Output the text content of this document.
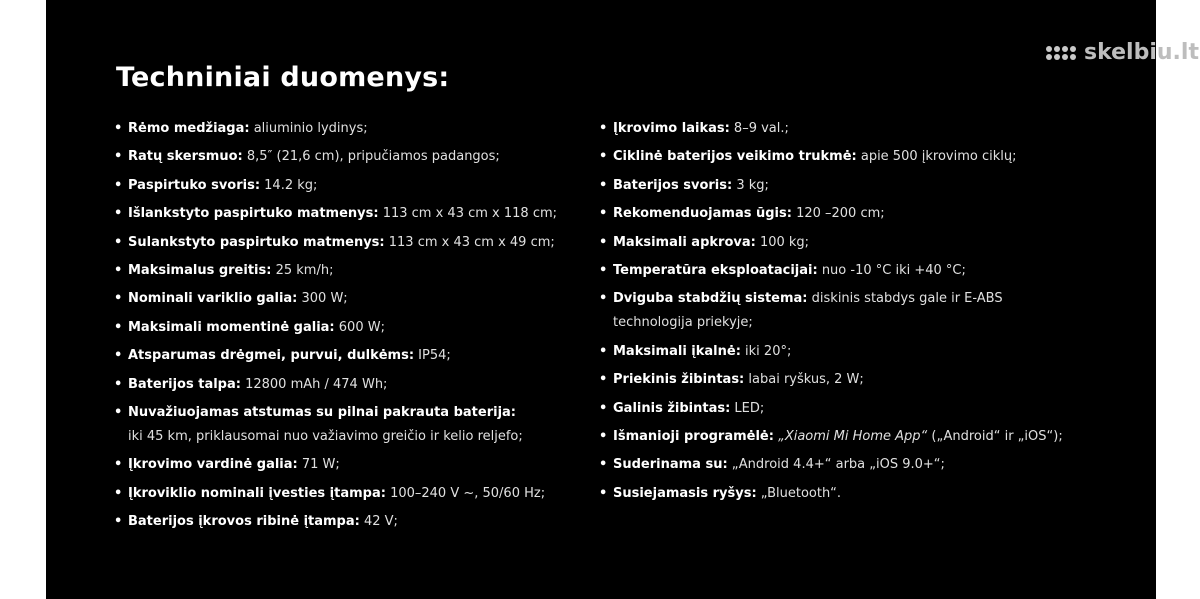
skelbiu.lt
Techniniai duomenys:
• Rėmo medžiaga: aliuminio lydinys;
• Ratų skersmuo: 8,5″ (21,6 cm), pripučiamos padangos;
• Paspirtuko svoris: 14.2 kg;
• Išlankstyto paspirtuko matmenys: 113 cm x 43 cm x 118 cm;
• Sulankstyto paspirtuko matmenys: 113 cm x 43 cm x 49 cm;
• Maksimalus greitis: 25 km/h;
• Nominali variklio galia: 300 W;
• Maksimali momentinė galia: 600 W;
• Atsparumas drėgmei, purvui, dulkėms: IP54;
• Baterijos talpa: 12800 mAh / 474 Wh;
• Nuvažiuojamas atstumas su pilnai pakrauta baterija:
iki 45 km, priklausomai nuo važiavimo greičio ir kelio reljefo;
• Įkrovimo vardinė galia: 71 W;
• Įkroviklio nominali įvesties įtampa: 100–240 V ~, 50/60 Hz;
• Baterijos įkrovos ribinė įtampa: 42 V;
• Įkrovimo laikas: 8–9 val.;
• Ciklinė baterijos veikimo trukmė: apie 500 įkrovimo ciklų;
• Baterijos svoris: 3 kg;
• Rekomenduojamas ūgis: 120 –200 cm;
• Maksimali apkrova: 100 kg;
• Temperatūra eksploatacijai: nuo -10 °C iki +40 °C;
• Dviguba stabdžių sistema: diskinis stabdys gale ir E-ABS technologija priekyje;
• Maksimali įkalnė: iki 20°;
• Priekinis žibintas: labai ryškus, 2 W;
• Galinis žibintas: LED;
• Išmanioji programėlė: „Xiaomi Mi Home App“ („Android“ ir „iOS“);
• Suderinama su: „Android 4.4+“ arba „iOS 9.0+“;
• Susiejamasis ryšys: „Bluetooth“.
